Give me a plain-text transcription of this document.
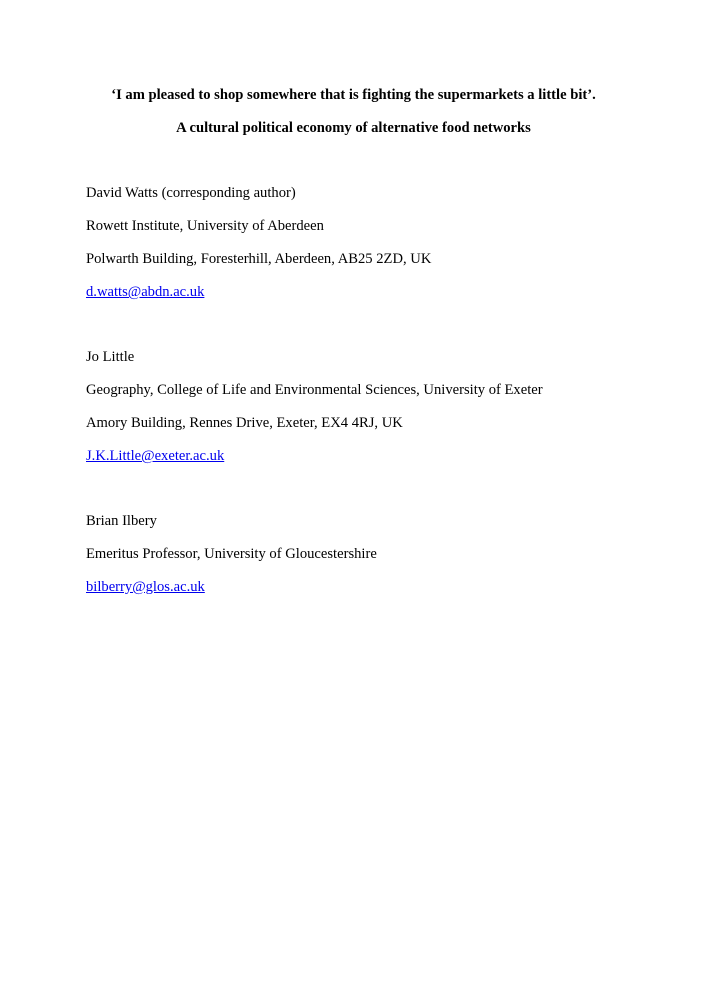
‘I am pleased to shop somewhere that is fighting the supermarkets a little bit’.
A cultural political economy of alternative food networks
David Watts (corresponding author)
Rowett Institute, University of Aberdeen
Polwarth Building, Foresterhill, Aberdeen, AB25 2ZD, UK
d.watts@abdn.ac.uk
Jo Little
Geography, College of Life and Environmental Sciences, University of Exeter
Amory Building, Rennes Drive, Exeter, EX4 4RJ, UK
J.K.Little@exeter.ac.uk
Brian Ilbery
Emeritus Professor, University of Gloucestershire
bilberry@glos.ac.uk
